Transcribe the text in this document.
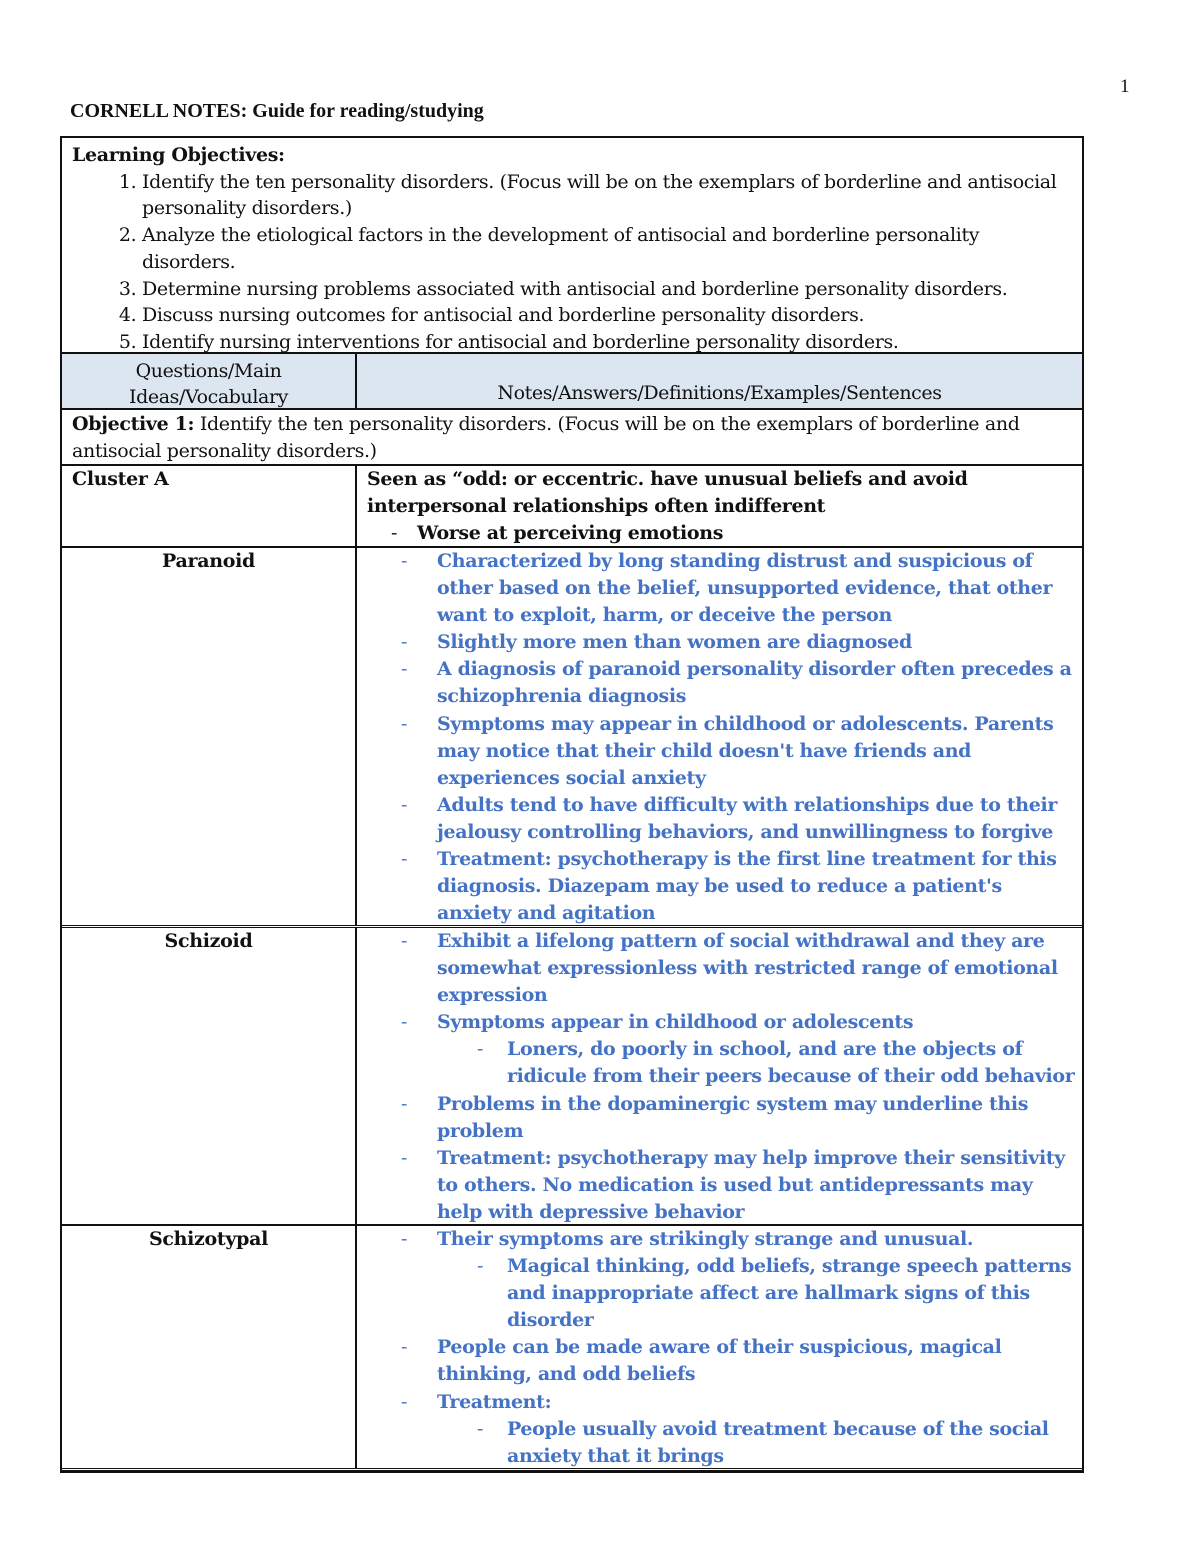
1
CORNELL NOTES: Guide for reading/studying
Learning Objectives:
1. Identify the ten personality disorders. (Focus will be on the exemplars of borderline and antisocial personality disorders.)
2. Analyze the etiological factors in the development of antisocial and borderline personality disorders.
3. Determine nursing problems associated with antisocial and borderline personality disorders.
4. Discuss nursing outcomes for antisocial and borderline personality disorders.
5. Identify nursing interventions for antisocial and borderline personality disorders.
Questions/Main
Ideas/Vocabulary	Notes/Answers/Definitions/Examples/Sentences
Objective 1: Identify the ten personality disorders. (Focus will be on the exemplars of borderline and antisocial personality disorders.)
Cluster A	Seen as “odd: or eccentric. have unusual beliefs and avoid interpersonal relationships often indifferent
- Worse at perceiving emotions
Paranoid	- Characterized by long standing distrust and suspicious of other based on the belief, unsupported evidence, that other want to exploit, harm, or deceive the person
- Slightly more men than women are diagnosed
- A diagnosis of paranoid personality disorder often precedes a schizophrenia diagnosis
- Symptoms may appear in childhood or adolescents. Parents may notice that their child doesn't have friends and experiences social anxiety
- Adults tend to have difficulty with relationships due to their jealousy controlling behaviors, and unwillingness to forgive
- Treatment: psychotherapy is the first line treatment for this diagnosis. Diazepam may be used to reduce a patient's anxiety and agitation
Schizoid	- Exhibit a lifelong pattern of social withdrawal and they are somewhat expressionless with restricted range of emotional expression
- Symptoms appear in childhood or adolescents
- Loners, do poorly in school, and are the objects of ridicule from their peers because of their odd behavior
- Problems in the dopaminergic system may underline this problem
- Treatment: psychotherapy may help improve their sensitivity to others. No medication is used but antidepressants may help with depressive behavior
Schizotypal	- Their symptoms are strikingly strange and unusual.
- Magical thinking, odd beliefs, strange speech patterns and inappropriate affect are hallmark signs of this disorder
- People can be made aware of their suspicious, magical thinking, and odd beliefs
- Treatment:
- People usually avoid treatment because of the social anxiety that it brings
